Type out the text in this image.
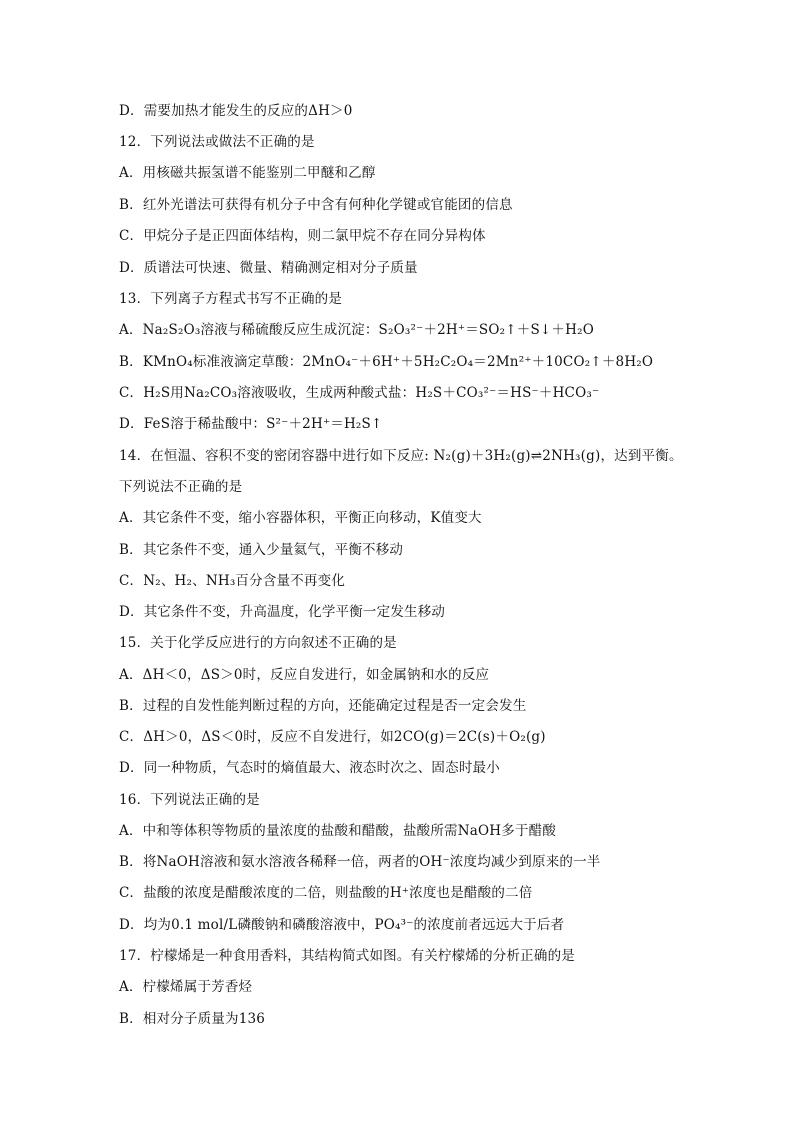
D．需要加热才能发生的反应的ΔH＞0
12．下列说法或做法不正确的是
A．用核磁共振氢谱不能鉴别二甲醚和乙醇
B．红外光谱法可获得有机分子中含有何种化学键或官能团的信息
C．甲烷分子是正四面体结构，则二氯甲烷不存在同分异构体
D．质谱法可快速、微量、精确测定相对分子质量
13．下列离子方程式书写不正确的是
A．Na₂S₂O₃溶液与稀硫酸反应生成沉淀：S₂O₃²⁻＋2H⁺＝SO₂↑＋S↓＋H₂O
B．KMnO₄标准液滴定草酸：2MnO₄⁻＋6H⁺＋5H₂C₂O₄＝2Mn²⁺＋10CO₂↑＋8H₂O
C．H₂S用Na₂CO₃溶液吸收，生成两种酸式盐：H₂S＋CO₃²⁻＝HS⁻＋HCO₃⁻
D．FeS溶于稀盐酸中：S²⁻＋2H⁺＝H₂S↑
14．在恒温、容积不变的密闭容器中进行如下反应: N₂(g)＋3H₂(g)⇌2NH₃(g)，达到平衡。
下列说法不正确的是
A．其它条件不变，缩小容器体积，平衡正向移动，K值变大
B．其它条件不变，通入少量氦气，平衡不移动
C．N₂、H₂、NH₃百分含量不再变化
D．其它条件不变，升高温度，化学平衡一定发生移动
15．关于化学反应进行的方向叙述不正确的是
A．ΔH＜0，ΔS＞0时，反应自发进行，如金属钠和水的反应
B．过程的自发性能判断过程的方向，还能确定过程是否一定会发生
C．ΔH＞0，ΔS＜0时，反应不自发进行，如2CO(g)＝2C(s)＋O₂(g)
D．同一种物质，气态时的熵值最大、液态时次之、固态时最小
16．下列说法正确的是
A．中和等体积等物质的量浓度的盐酸和醋酸，盐酸所需NaOH多于醋酸
B．将NaOH溶液和氨水溶液各稀释一倍，两者的OH⁻浓度均减少到原来的一半
C．盐酸的浓度是醋酸浓度的二倍，则盐酸的H⁺浓度也是醋酸的二倍
D．均为0.1 mol/L磷酸钠和磷酸溶液中，PO₄³⁻的浓度前者远远大于后者
17．柠檬烯是一种食用香料，其结构简式如图。有关柠檬烯的分析正确的是
A．柠檬烯属于芳香烃
B．相对分子质量为136
